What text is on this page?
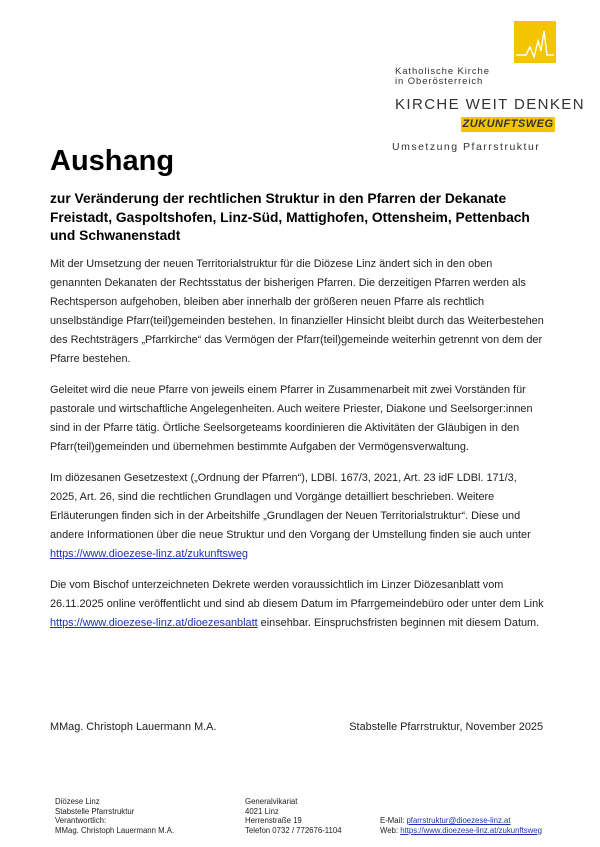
Katholische Kirche
in Oberösterreich
KIRCHE WEIT DENKEN
ZUKUNFTSWEG
Umsetzung Pfarrstruktur
Aushang
zur Veränderung der rechtlichen Struktur in den Pfarren der Dekanate Freistadt, Gaspoltshofen, Linz-Süd, Mattighofen, Ottensheim, Pettenbach und Schwanenstadt

Mit der Umsetzung der neuen Territorialstruktur für die Diözese Linz ändert sich in den oben genannten Dekanaten der Rechtsstatus der bisherigen Pfarren. Die derzeitigen Pfarren werden als Rechtsperson aufgehoben, bleiben aber innerhalb der größeren neuen Pfarre als rechtlich unselbständige Pfarr(teil)gemeinden bestehen. In finanzieller Hinsicht bleibt durch das Weiterbestehen des Rechtsträgers „Pfarrkirche“ das Vermögen der Pfarr(teil)gemeinde weiterhin getrennt von dem der Pfarre bestehen.

Geleitet wird die neue Pfarre von jeweils einem Pfarrer in Zusammenarbeit mit zwei Vorständen für pastorale und wirtschaftliche Angelegenheiten. Auch weitere Priester, Diakone und Seelsorger:innen sind in der Pfarre tätig. Örtliche Seelsorgeteams koordinieren die Aktivitäten der Gläubigen in den Pfarr(teil)gemeinden und übernehmen bestimmte Aufgaben der Vermögensverwaltung.

Im diözesanen Gesetzestext („Ordnung der Pfarren“), LDBl. 167/3, 2021, Art. 23 idF LDBl. 171/3, 2025, Art. 26, sind die rechtlichen Grundlagen und Vorgänge detailliert beschrieben. Weitere Erläuterungen finden sich in der Arbeitshilfe „Grundlagen der Neuen Territorialstruktur“. Diese und andere Informationen über die neue Struktur und den Vorgang der Umstellung finden sie auch unter https://www.dioezese-linz.at/zukunftsweg

Die vom Bischof unterzeichneten Dekrete werden voraussichtlich im Linzer Diözesanblatt vom 26.11.2025 online veröffentlicht und sind ab diesem Datum im Pfarrgemeindebüro oder unter dem Link https://www.dioezese-linz.at/dioezesanblatt einsehbar. Einspruchsfristen beginnen mit diesem Datum.

MMag. Christoph Lauermann M.A.	Stabstelle Pfarrstruktur, November 2025
Diözese Linz
Stabstelle Pfarrstruktur
Verantwortlich:
MMag. Christoph Lauermann M.A.
Generalvikariat
4021 Linz
Herrenstraße 19
Telefon 0732 / 772676-1104
E-Mail: pfarrstruktur@dioezese-linz.at
Web: https://www.dioezese-linz.at/zukunftsweg
